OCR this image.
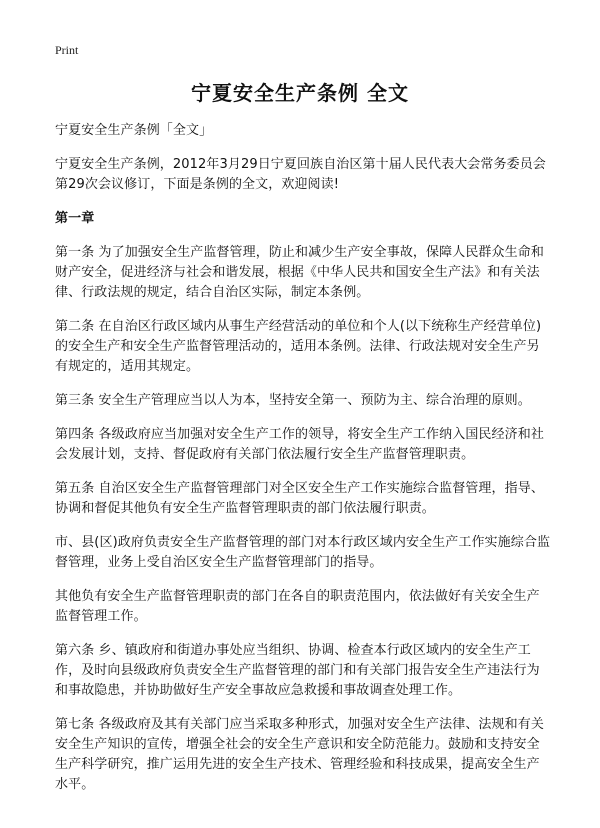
Print
宁夏安全生产条例 全文

宁夏安全生产条例「全文」

宁夏安全生产条例，2012年3月29日宁夏回族自治区第十届人民代表大会常务委员会第29次会议修订，下面是条例的全文，欢迎阅读!

第一章

第一条 为了加强安全生产监督管理，防止和减少生产安全事故，保障人民群众生命和财产安全，促进经济与社会和谐发展，根据《中华人民共和国安全生产法》和有关法律、行政法规的规定，结合自治区实际，制定本条例。

第二条 在自治区行政区域内从事生产经营活动的单位和个人(以下统称生产经营单位)的安全生产和安全生产监督管理活动的，适用本条例。法律、行政法规对安全生产另有规定的，适用其规定。

第三条 安全生产管理应当以人为本，坚持安全第一、预防为主、综合治理的原则。

第四条 各级政府应当加强对安全生产工作的领导，将安全生产工作纳入国民经济和社会发展计划，支持、督促政府有关部门依法履行安全生产监督管理职责。

第五条 自治区安全生产监督管理部门对全区安全生产工作实施综合监督管理，指导、协调和督促其他负有安全生产监督管理职责的部门依法履行职责。

市、县(区)政府负责安全生产监督管理的部门对本行政区域内安全生产工作实施综合监督管理，业务上受自治区安全生产监督管理部门的指导。

其他负有安全生产监督管理职责的部门在各自的职责范围内，依法做好有关安全生产监督管理工作。

第六条 乡、镇政府和街道办事处应当组织、协调、检查本行政区域内的安全生产工作，及时向县级政府负责安全生产监督管理的部门和有关部门报告安全生产违法行为和事故隐患，并协助做好生产安全事故应急救援和事故调查处理工作。

第七条 各级政府及其有关部门应当采取多种形式，加强对安全生产法律、法规和有关安全生产知识的宣传，增强全社会的安全生产意识和安全防范能力。鼓励和支持安全生产科学研究，推广运用先进的安全生产技术、管理经验和科技成果，提高安全生产水平。
